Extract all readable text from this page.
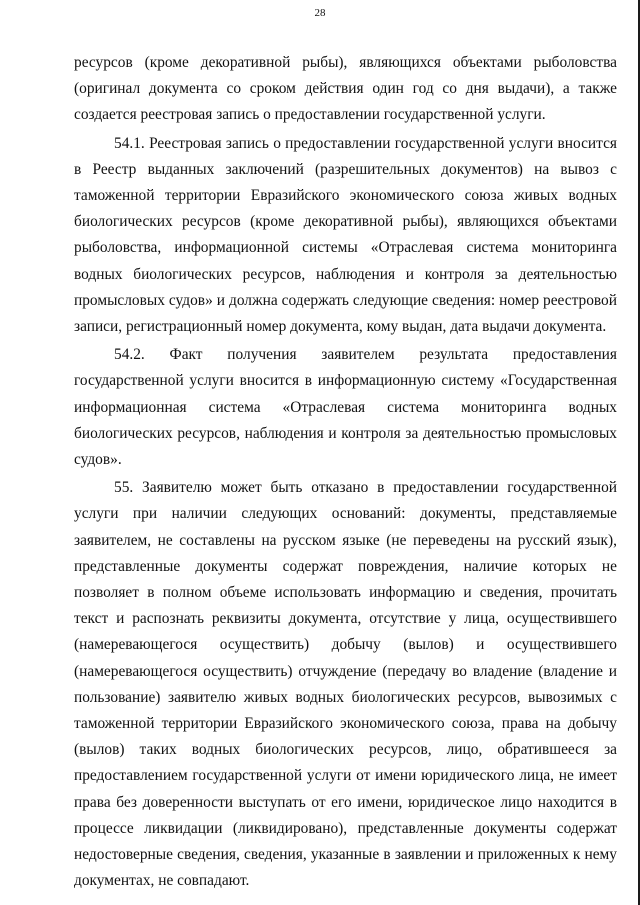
28

ресурсов (кроме декоративной рыбы), являющихся объектами рыболовства (оригинал документа со сроком действия один год со дня выдачи), а также создается реестровая запись о предоставлении государственной услуги.

54.1. Реестровая запись о предоставлении государственной услуги вносится в Реестр выданных заключений (разрешительных документов) на вывоз с таможенной территории Евразийского экономического союза живых водных биологических ресурсов (кроме декоративной рыбы), являющихся объектами рыболовства, информационной системы «Отраслевая система мониторинга водных биологических ресурсов, наблюдения и контроля за деятельностью промысловых судов» и должна содержать следующие сведения: номер реестровой записи, регистрационный номер документа, кому выдан, дата выдачи документа.

54.2. Факт получения заявителем результата предоставления государственной услуги вносится в информационную систему «Государственная информационная система «Отраслевая система мониторинга водных биологических ресурсов, наблюдения и контроля за деятельностью промысловых судов».

55. Заявителю может быть отказано в предоставлении государственной услуги при наличии следующих оснований: документы, представляемые заявителем, не составлены на русском языке (не переведены на русский язык), представленные документы содержат повреждения, наличие которых не позволяет в полном объеме использовать информацию и сведения, прочитать текст и распознать реквизиты документа, отсутствие у лица, осуществившего (намеревающегося осуществить) добычу (вылов) и осуществившего (намеревающегося осуществить) отчуждение (передачу во владение (владение и пользование) заявителю живых водных биологических ресурсов, вывозимых с таможенной территории Евразийского экономического союза, права на добычу (вылов) таких водных биологических ресурсов, лицо, обратившееся за предоставлением государственной услуги от имени юридического лица, не имеет права без доверенности выступать от его имени, юридическое лицо находится в процессе ликвидации (ликвидировано), представленные документы содержат недостоверные сведения, сведения, указанные в заявлении и приложенных к нему документах, не совпадают.
